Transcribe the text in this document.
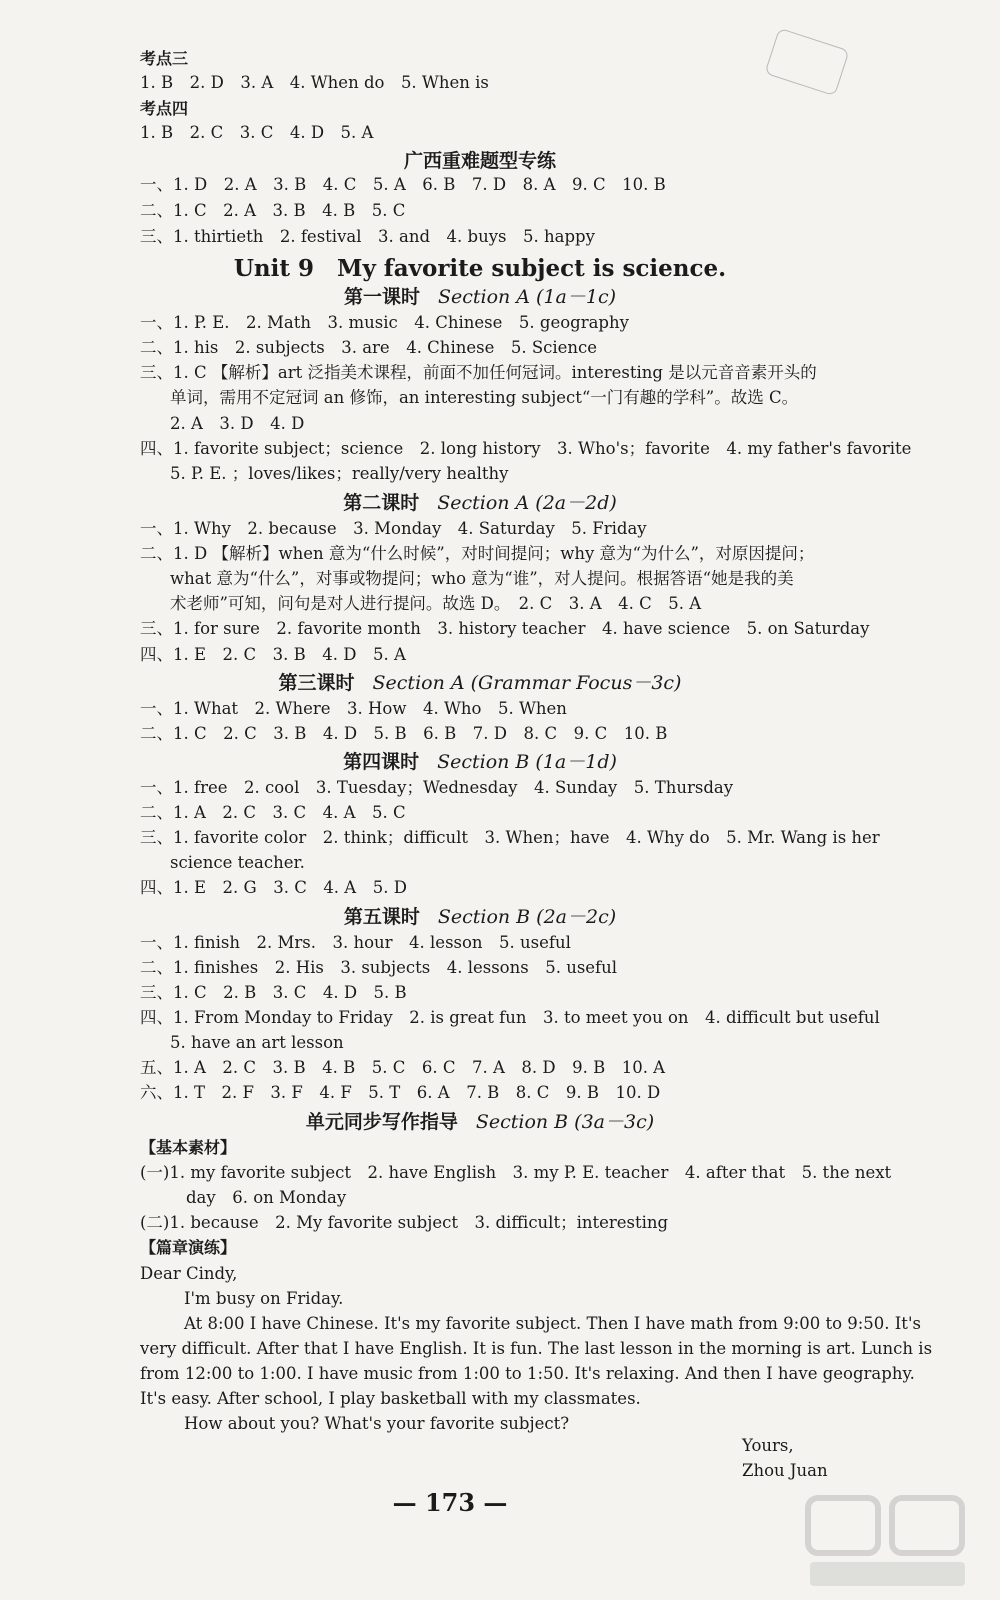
考点三
1. B　2. D　3. A　4. When do　5. When is
考点四
1. B　2. C　3. C　4. D　5. A
广西重难题型专练
一、1. D　2. A　3. B　4. C　5. A　6. B　7. D　8. A　9. C　10. B
二、1. C　2. A　3. B　4. B　5. C
三、1. thirtieth　2. festival　3. and　4. buys　5. happy
Unit 9　My favorite subject is science.
第一课时 Section A (1a－1c)
一、1. P. E.　2. Math　3. music　4. Chinese　5. geography
二、1. his　2. subjects　3. are　4. Chinese　5. Science
三、1. C 【解析】art 泛指美术课程，前面不加任何冠词。interesting 是以元音音素开头的
单词，需用不定冠词 an 修饰，an interesting subject“一门有趣的学科”。故选 C。
2. A　3. D　4. D
四、1. favorite subject；science　2. long history　3. Who's；favorite　4. my father's favorite
5. P. E. ；loves/likes；really/very healthy
第二课时 Section A (2a－2d)
一、1. Why　2. because　3. Monday　4. Saturday　5. Friday
二、1. D 【解析】when 意为“什么时候”，对时间提问；why 意为“为什么”，对原因提问；
what 意为“什么”，对事或物提问；who 意为“谁”，对人提问。根据答语“她是我的美
术老师”可知，问句是对人进行提问。故选 D。　2. C　3. A　4. C　5. A
三、1. for sure　2. favorite month　3. history teacher　4. have science　5. on Saturday
四、1. E　2. C　3. B　4. D　5. A
第三课时 Section A (Grammar Focus－3c)
一、1. What　2. Where　3. How　4. Who　5. When
二、1. C　2. C　3. B　4. D　5. B　6. B　7. D　8. C　9. C　10. B
第四课时 Section B (1a－1d)
一、1. free　2. cool　3. Tuesday；Wednesday　4. Sunday　5. Thursday
二、1. A　2. C　3. C　4. A　5. C
三、1. favorite color　2. think；difficult　3. When；have　4. Why do　5. Mr. Wang is her
science teacher.
四、1. E　2. G　3. C　4. A　5. D
第五课时 Section B (2a－2c)
一、1. finish　2. Mrs.　3. hour　4. lesson　5. useful
二、1. finishes　2. His　3. subjects　4. lessons　5. useful
三、1. C　2. B　3. C　4. D　5. B
四、1. From Monday to Friday　2. is great fun　3. to meet you on　4. difficult but useful
5. have an art lesson
五、1. A　2. C　3. B　4. B　5. C　6. C　7. A　8. D　9. B　10. A
六、1. T　2. F　3. F　4. F　5. T　6. A　7. B　8. C　9. B　10. D
单元同步写作指导 Section B (3a－3c)
【基本素材】
(一)1. my favorite subject　2. have English　3. my P. E. teacher　4. after that　5. the next
day　6. on Monday
(二)1. because　2. My favorite subject　3. difficult；interesting
【篇章演练】
Dear Cindy,
I'm busy on Friday.
At 8:00 I have Chinese. It's my favorite subject. Then I have math from 9:00 to 9:50. It's
very difficult. After that I have English. It is fun. The last lesson in the morning is art. Lunch is
from 12:00 to 1:00. I have music from 1:00 to 1:50. It's relaxing. And then I have geography.
It's easy. After school, I play basketball with my classmates.
How about you? What's your favorite subject?
Yours,
Zhou Juan
— 173 —
